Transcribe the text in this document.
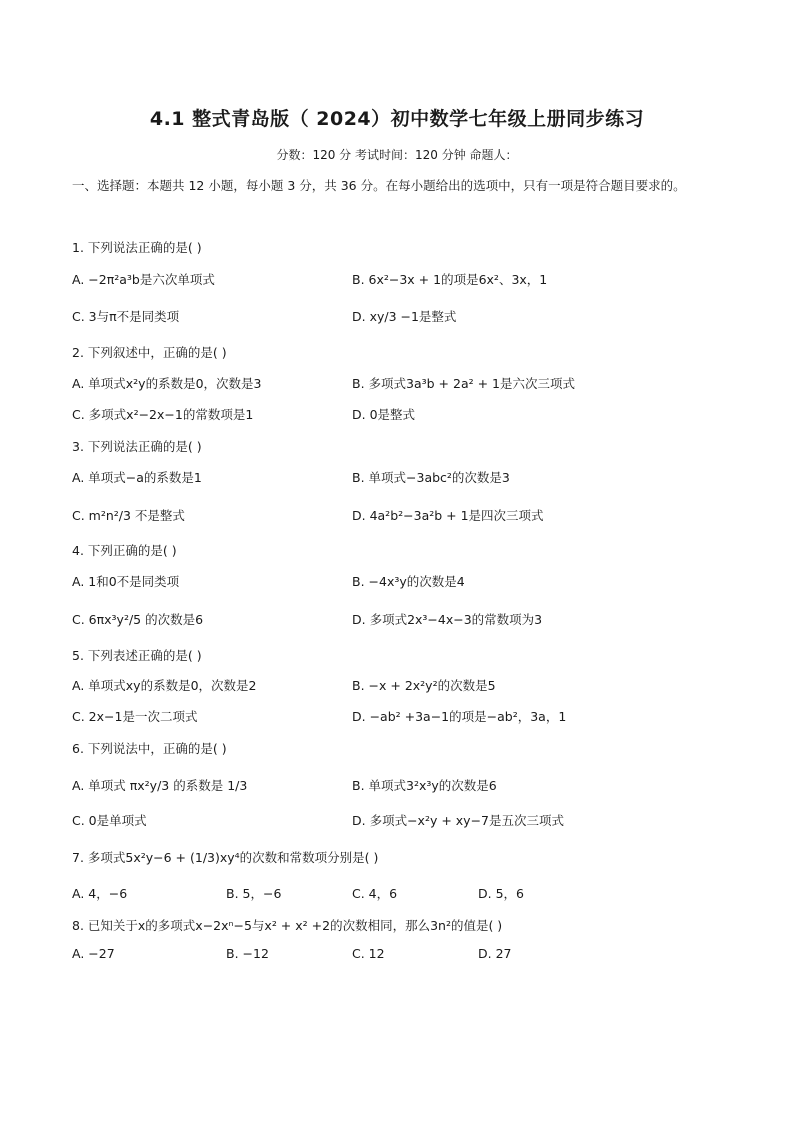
4.1 整式青岛版（ 2024）初中数学七年级上册同步练习
分数：120 分 考试时间：120 分钟 命题人：
一、选择题：本题共 12 小题，每小题 3 分，共 36 分。在每小题给出的选项中，只有一项是符合题目要求的。
1. 下列说法正确的是( )
A. −2π²a³b是六次单项式	B. 6x²−3x + 1的项是6x²、3x，1
C. 3与π不是同类项	D. xy/3 −1是整式
2. 下列叙述中，正确的是( )
A. 单项式x²y的系数是0，次数是3	B. 多项式3a³b + 2a² + 1是六次三项式
C. 多项式x²−2x−1的常数项是1	D. 0是整式
3. 下列说法正确的是( )
A. 单项式−a的系数是1	B. 单项式−3abc²的次数是3
C. m²n²/3 不是整式	D. 4a²b²−3a²b + 1是四次三项式
4. 下列正确的是( )
A. 1和0不是同类项	B. −4x³y的次数是4
C. 6πx³y²/5 的次数是6	D. 多项式2x³−4x−3的常数项为3
5. 下列表述正确的是( )
A. 单项式xy的系数是0，次数是2	B. −x + 2x²y²的次数是5
C. 2x−1是一次二项式	D. −ab² +3a−1的项是−ab²，3a，1
6. 下列说法中，正确的是( )
A. 单项式 πx²y/3 的系数是 1/3	B. 单项式3²x³y的次数是6
C. 0是单项式	D. 多项式−x²y + xy−7是五次三项式
7. 多项式5x²y−6 + (1/3)xy⁴的次数和常数项分别是( )
A. 4，−6	B. 5，−6	C. 4，6	D. 5，6
8. 已知关于x的多项式x−2xⁿ−5与x² + x² +2的次数相同，那么3n²的值是( )
A. −27	B. −12	C. 12	D. 27
